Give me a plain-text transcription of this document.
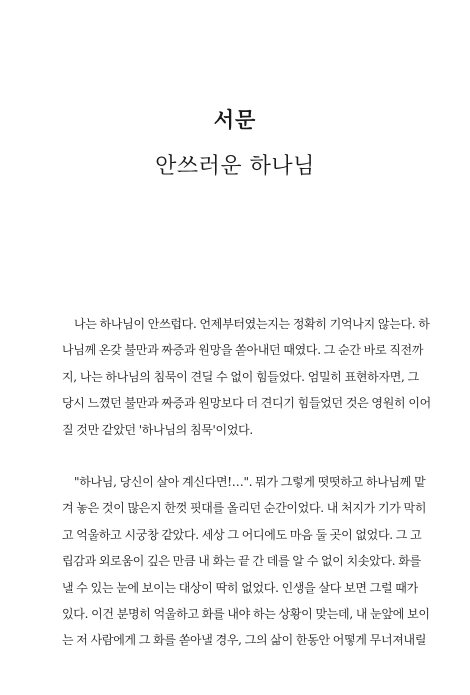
서문
안쓰러운 하나님
나는 하나님이 안쓰럽다. 언제부터였는지는 정확히 기억나지 않는다. 하
나님께 온갖 불만과 짜증과 원망을 쏟아내던 때였다. 그 순간 바로 직전까
지, 나는 하나님의 침묵이 견딜 수 없이 힘들었다. 엄밀히 표현하자면, 그
당시 느꼈던 불만과 짜증과 원망보다 더 견디기 힘들었던 것은 영원히 이어
질 것만 같았던 '하나님의 침묵'이었다.
"하나님, 당신이 살아 계신다면!…". 뭐가 그렇게 떳떳하고 하나님께 맡
겨 놓은 것이 많은지 한껏 핏대를 올리던 순간이었다. 내 처지가 기가 막히
고 억울하고 시궁창 같았다. 세상 그 어디에도 마음 둘 곳이 없었다. 그 고
립감과 외로움이 깊은 만큼 내 화는 끝 간 데를 알 수 없이 치솟았다. 화를
낼 수 있는 눈에 보이는 대상이 딱히 없었다. 인생을 살다 보면 그럴 때가
있다. 이건 분명히 억울하고 화를 내야 하는 상황이 맞는데, 내 눈앞에 보이
는 저 사람에게 그 화를 쏟아낼 경우, 그의 삶이 한동안 어떻게 무너져내릴
